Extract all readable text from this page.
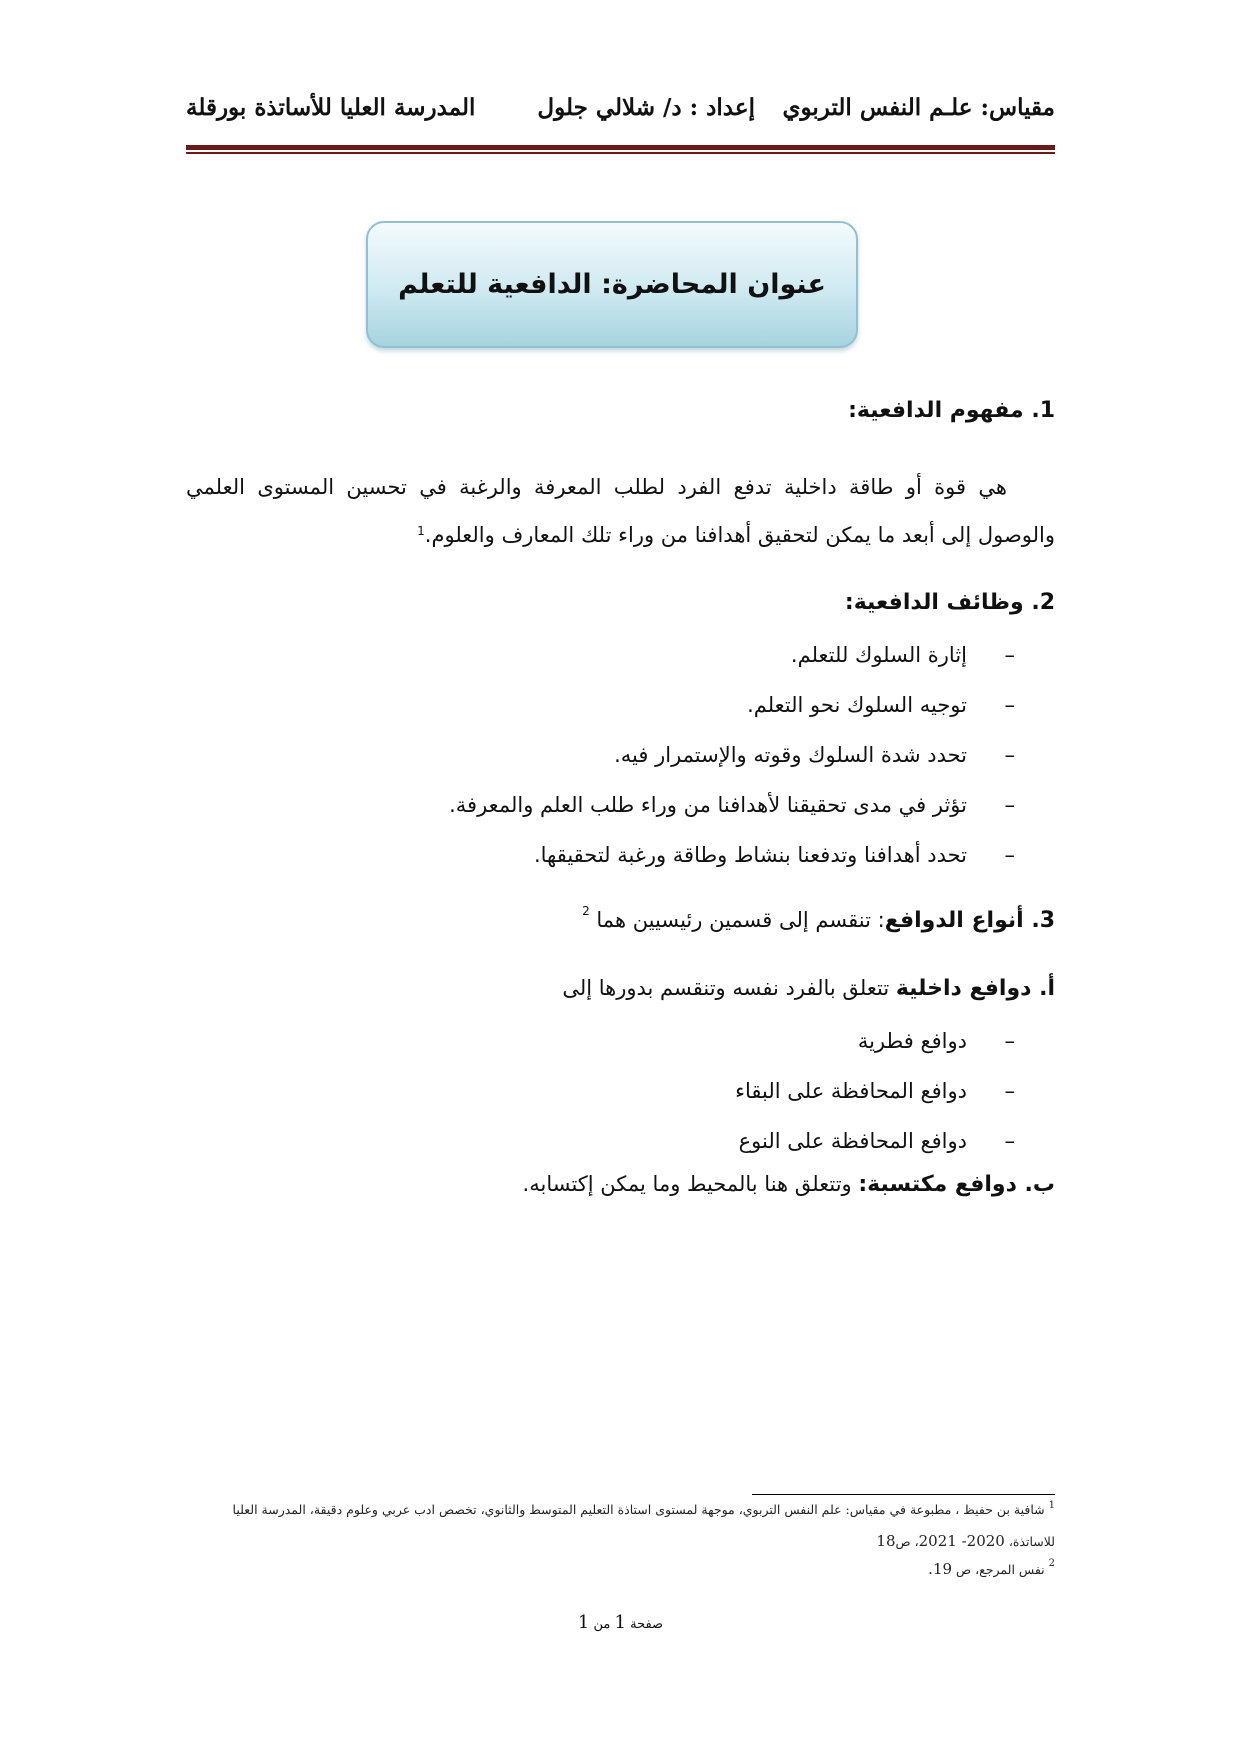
مقياس: علـم النفس التربوي
إعداد : د/ شلالي جلول
المدرسة العليا للأساتذة بورقلة
عنوان المحاضرة: الدافعية للتعلم
1. مفهوم الدافعية:
هي قوة أو طاقة داخلية تدفع الفرد لطلب المعرفة والرغبة في تحسين المستوى العلمي
والوصول إلى أبعد ما يمكن لتحقيق أهدافنا من وراء تلك المعارف والعلوم.$^1$
2. وظائف الدافعية:
–إثارة السلوك للتعلم.
–توجيه السلوك نحو التعلم.
–تحدد شدة السلوك وقوته والإستمرار فيه.
–تؤثر في مدى تحقيقنا لأهدافنا من وراء طلب العلم والمعرفة.
–تحدد أهدافنا وتدفعنا بنشاط وطاقة ورغبة لتحقيقها.
3. أنواع الدوافع: تنقسم إلى قسمين رئيسيين هما $^2$
أ. دوافع داخلية تتعلق بالفرد نفسه وتنقسم بدورها إلى
–دوافع فطرية
–دوافع المحافظة على البقاء
–دوافع المحافظة على النوع
ب. دوافع مكتسبة: وتتعلق هنا بالمحيط وما يمكن إكتسابه.
$^1$ شافية بن حفيظ ، مطبوعة في مقياس: علم النفس التربوي، موجهة لمستوى استاذة التعليم المتوسط والثانوي، تخصص ادب عربي وعلوم دقيقة، المدرسة العليا
للاساتذة، 2020- 2021، ص18
$^2$ نفس المرجع، ص 19.
صفحة 1 من 1
